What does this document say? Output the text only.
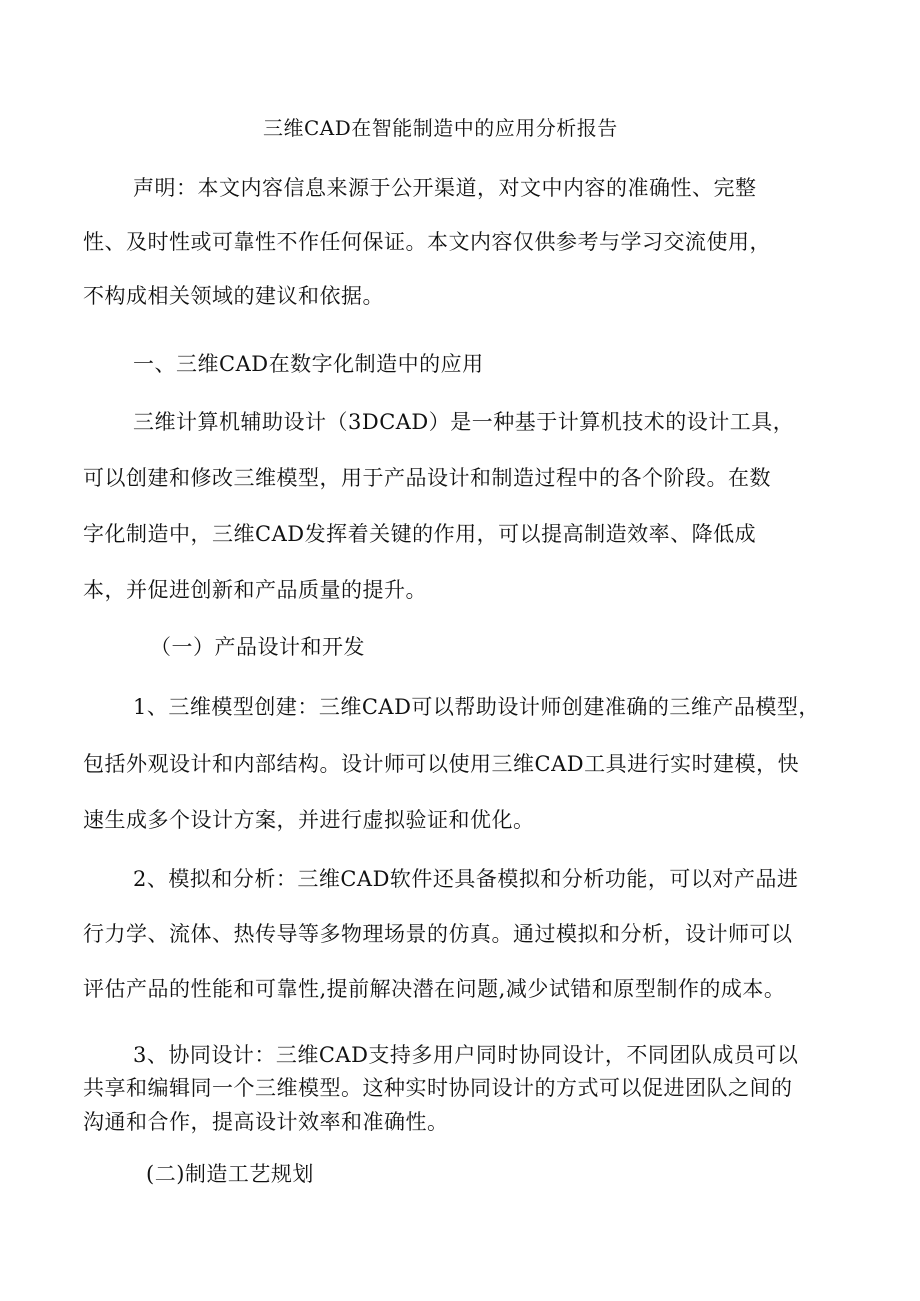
三维CAD在智能制造中的应用分析报告
声明：本文内容信息来源于公开渠道，对文中内容的准确性、完整
性、及时性或可靠性不作任何保证。本文内容仅供参考与学习交流使用，
不构成相关领域的建议和依据。
一、三维CAD在数字化制造中的应用
三维计算机辅助设计（3DCAD）是一种基于计算机技术的设计工具，
可以创建和修改三维模型，用于产品设计和制造过程中的各个阶段。在数
字化制造中，三维CAD发挥着关键的作用，可以提高制造效率、降低成
本，并促进创新和产品质量的提升。
（一）产品设计和开发
1、三维模型创建：三维CAD可以帮助设计师创建准确的三维产品模型，
包括外观设计和内部结构。设计师可以使用三维CAD工具进行实时建模，快
速生成多个设计方案，并进行虚拟验证和优化。
2、模拟和分析：三维CAD软件还具备模拟和分析功能，可以对产品进
行力学、流体、热传导等多物理场景的仿真。通过模拟和分析，设计师可以
评估产品的性能和可靠性,提前解决潜在问题,减少试错和原型制作的成本。
3、协同设计：三维CAD支持多用户同时协同设计，不同团队成员可以
共享和编辑同一个三维模型。这种实时协同设计的方式可以促进团队之间的
沟通和合作，提高设计效率和准确性。
(二)制造工艺规划
